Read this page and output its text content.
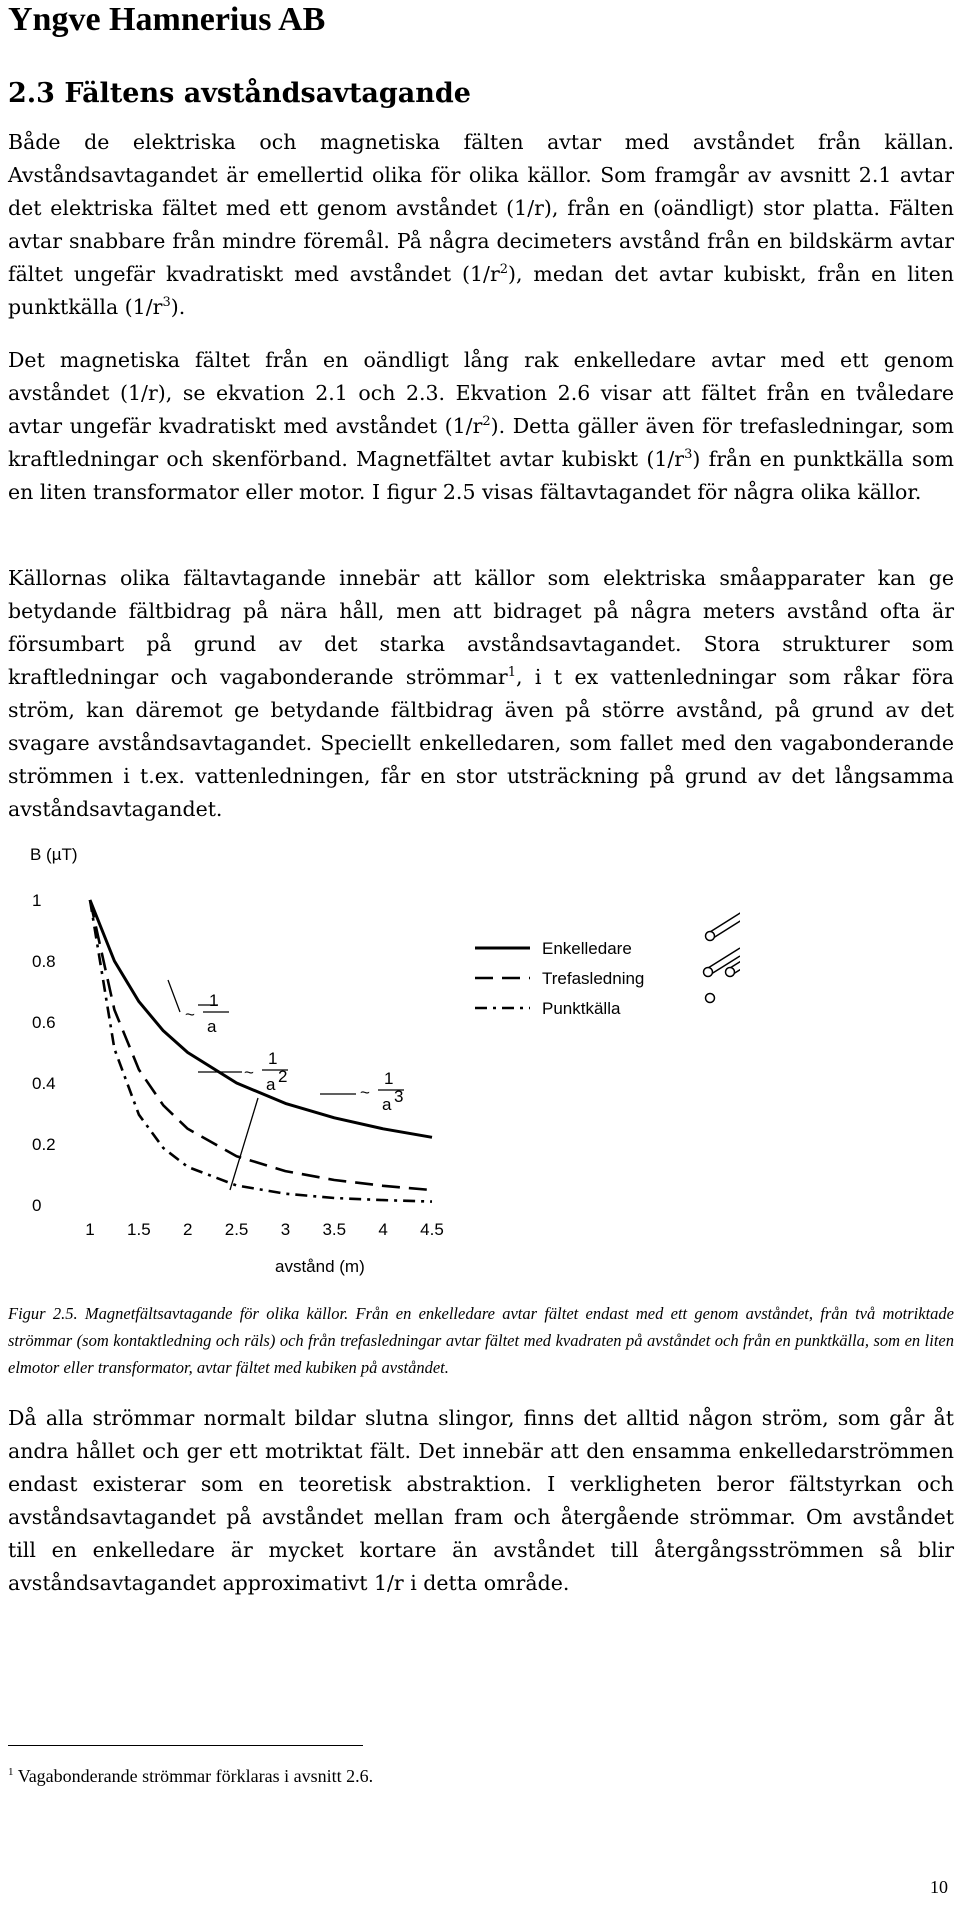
Yngve Hamnerius AB
2.3 Fältens avståndsavtagande

Både de elektriska och magnetiska fälten avtar med avståndet från källan. Avståndsavtagandet är emellertid olika för olika källor. Som framgår av avsnitt 2.1 avtar det elektriska fältet med ett genom avståndet (1/r), från en (oändligt) stor platta. Fälten avtar snabbare från mindre föremål. På några decimeters avstånd från en bildskärm avtar fältet ungefär kvadratiskt med avståndet $(1/r^2)$, medan det avtar kubiskt, från en liten punktkälla $(1/r^3)$.

Det magnetiska fältet från en oändligt lång rak enkelledare avtar med ett genom avståndet (1/r), se ekvation 2.1 och 2.3. Ekvation 2.6 visar att fältet från en tvåledare avtar ungefär kvadratiskt med avståndet $(1/r^2)$. Detta gäller även för trefasledningar, som kraftledningar och skenförband. Magnetfältet avtar kubiskt $(1/r^3)$ från en punktkälla som en liten transformator eller motor. I figur 2.5 visas fältavtagandet för några olika källor.

Källornas olika fältavtagande innebär att källor som elektriska småapparater kan ge betydande fältbidrag på nära håll, men att bidraget på några meters avstånd ofta är försumbart på grund av det starka avståndsavtagandet. Stora strukturer som kraftledningar och vagabonderande strömmar$^1$, i t ex vattenledningar som råkar föra ström, kan däremot ge betydande fältbidrag även på större avstånd, på grund av det svagare avståndsavtagandet. Speciellt enkelledaren, som fallet med den vagabonderande strömmen i t.ex. vattenledningen, får en stor utsträckning på grund av det långsamma avståndsavtagandet.

B (µT)
avstånd (m)
0
0.2
0.4
0.6
0.8
1
1 1.5 2 2.5 3 3.5 4 4.5
Enkelledare
Trefasledning
Punktkälla
~
1
a
~
1
a 2
~
1
a 3

Figur 2.5. Magnetfältsavtagande för olika källor. Från en enkelledare avtar fältet endast med ett genom avståndet, från två motriktade strömmar (som kontaktledning och räls) och från trefasledningar avtar fältet med kvadraten på avståndet och från en punktkälla, som en liten elmotor eller transformator, avtar fältet med kubiken på avståndet.

Då alla strömmar normalt bildar slutna slingor, finns det alltid någon ström, som går åt andra hållet och ger ett motriktat fält. Det innebär att den ensamma enkelledarströmmen endast existerar som en teoretisk abstraktion. I verkligheten beror fältstyrkan och avståndsavtagandet på avståndet mellan fram och återgående strömmar. Om avståndet till en enkelledare är mycket kortare än avståndet till återgångsströmmen så blir avståndsavtagandet approximativt 1/r i detta område.

$^1$ Vagabonderande strömmar förklaras i avsnitt 2.6.
10
